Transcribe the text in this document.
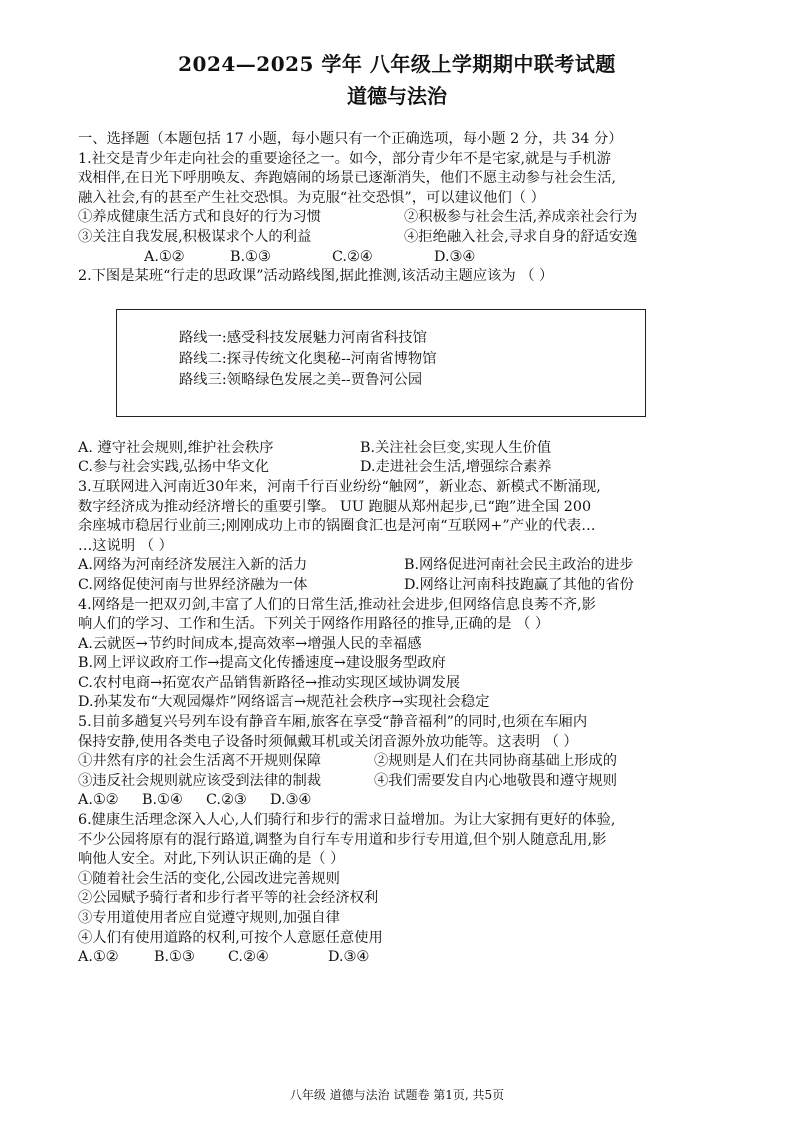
2024—2025 学年 八年级上学期期中联考试题
道德与法治
一、选择题（本题包括 17 小题，每小题只有一个正确选项，每小题 2 分，共 34 分）
1.社交是青少年走向社会的重要途径之一。如今，部分青少年不是宅家,就是与手机游
戏相伴,在日光下呼朋唤友、奔跑嬉闹的场景已逐渐消失，他们不愿主动参与社会生活,
融入社会,有的甚至产生社交恐惧。为克服“社交恐惧”，可以建议他们（ ）
①养成健康生活方式和良好的行为习惯	②积极参与社会生活,养成亲社会行为
③关注自我发展,积极谋求个人的利益	④拒绝融入社会,寻求自身的舒适安逸
A.①②	B.①③	C.②④	D.③④
2.下图是某班“行走的思政课”活动路线图,据此推测,该活动主题应该为 （ ）
路线一:感受科技发展魅力河南省科技馆
路线二:探寻传统文化奥秘--河南省博物馆
路线三:领略绿色发展之美--贾鲁河公园
A. 遵守社会规则,维护社会秩序	B.关注社会巨变,实现人生价值
C.参与社会实践,弘扬中华文化	D.走进社会生活,增强综合素养
3.互联网进入河南近30年来，河南千行百业纷纷“触网”，新业态、新模式不断涌现,
数字经济成为推动经济增长的重要引擎。 UU 跑腿从郑州起步,已“跑”进全国 200
余座城市稳居行业前三;刚刚成功上市的锅圈食汇也是河南“互联网+”产业的代表…
…这说明 （ ）
A.网络为河南经济发展注入新的活力	B.网络促进河南社会民主政治的进步
C.网络促使河南与世界经济融为一体	D.网络让河南科技跑赢了其他的省份
4.网络是一把双刃剑,丰富了人们的日常生活,推动社会进步,但网络信息良莠不齐,影
响人们的学习、工作和生活。下列关于网络作用路径的推导,正确的是 （ ）
A.云就医→节约时间成本,提高效率→增强人民的幸福感
B.网上评议政府工作→提高文化传播速度→建设服务型政府
C.农村电商→拓宽农产品销售新路径→推动实现区域协调发展
D.孙某发布“大观园爆炸”网络谣言→规范社会秩序→实现社会稳定
5.目前多趟复兴号列车设有静音车厢,旅客在享受“静音福利”的同时,也须在车厢内
保持安静,使用各类电子设备时须佩戴耳机或关闭音源外放功能等。这表明 （ ）
①井然有序的社会生活离不开规则保障	②规则是人们在共同协商基础上形成的
③违反社会规则就应该受到法律的制裁	④我们需要发自内心地敬畏和遵守规则
A.①② B.①④ C.②③ D.③④
6.健康生活理念深入人心,人们骑行和步行的需求日益增加。为让大家拥有更好的体验,
不少公园将原有的混行路道,调整为自行车专用道和步行专用道,但个别人随意乱用,影
响他人安全。对此,下列认识正确的是（ ）
①随着社会生活的变化,公园改进完善规则
②公园赋予骑行者和步行者平等的社会经济权利
③专用道使用者应自觉遵守规则,加强自律
④人们有使用道路的权利,可按个人意愿任意使用
A.①② B.①③ C.②④	D.③④
八年级 道德与法治 试题卷 第1页, 共5页
